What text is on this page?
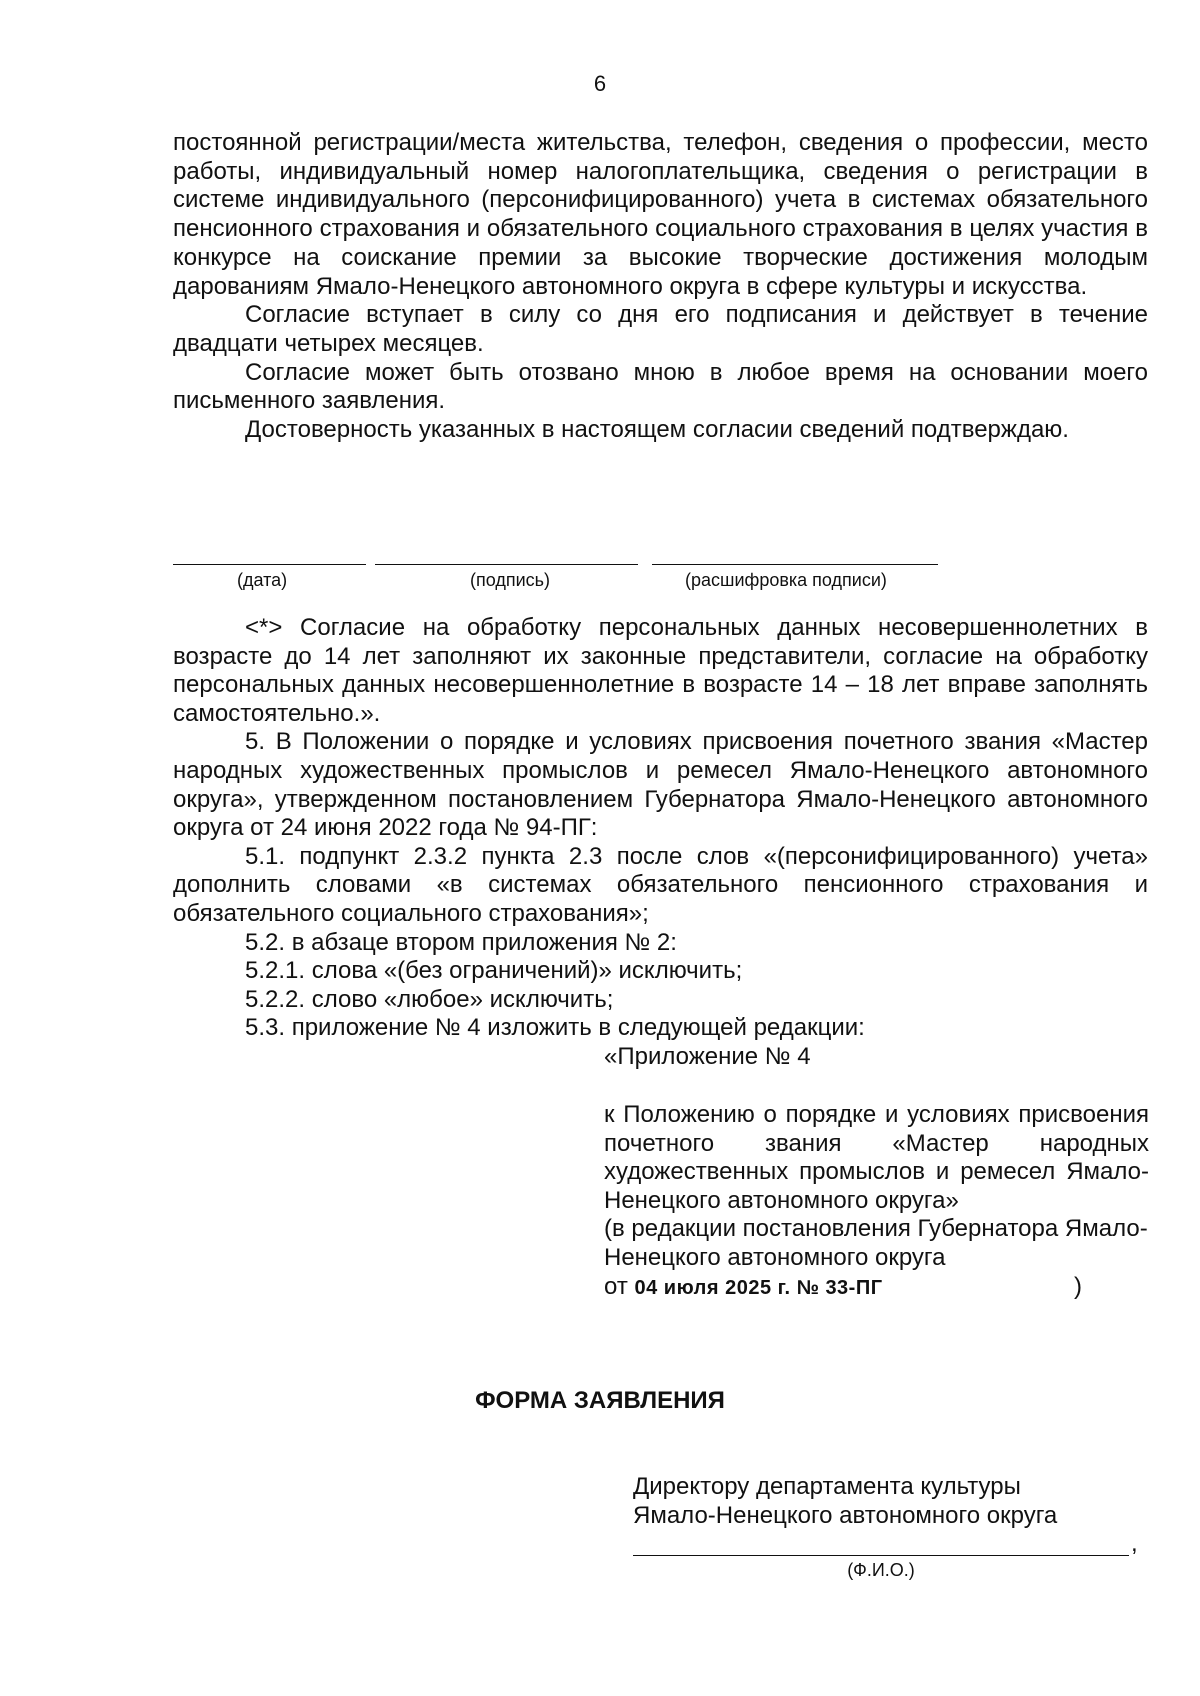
6

постоянной регистрации/места жительства, телефон, сведения о профессии, место работы, индивидуальный номер налогоплательщика, сведения о регистрации в системе индивидуального (персонифицированного) учета в системах обязательного пенсионного страхования и обязательного социального страхования в целях участия в конкурсе на соискание премии за высокие творческие достижения молодым дарованиям Ямало-Ненецкого автономного округа в сфере культуры и искусства.

Согласие вступает в силу со дня его подписания и действует в течение двадцати четырех месяцев.

Согласие может быть отозвано мною в любое время на основании моего письменного заявления.

Достоверность указанных в настоящем согласии сведений подтверждаю.

(дата)	(подпись)	(расшифровка подписи)

<*> Согласие на обработку персональных данных несовершеннолетних в возрасте до 14 лет заполняют их законные представители, согласие на обработку персональных данных несовершеннолетние в возрасте 14 – 18 лет вправе заполнять самостоятельно.».

5. В Положении о порядке и условиях присвоения почетного звания «Мастер народных художественных промыслов и ремесел Ямало-Ненецкого автономного округа», утвержденном постановлением Губернатора Ямало-Ненецкого автономного округа от 24 июня 2022 года № 94-ПГ:

5.1. подпункт 2.3.2 пункта 2.3 после слов «(персонифицированного) учета» дополнить словами «в системах обязательного пенсионного страхования и обязательного социального страхования»;

5.2. в абзаце втором приложения № 2:

5.2.1. слова «(без ограничений)» исключить;

5.2.2. слово «любое» исключить;

5.3. приложение № 4 изложить в следующей редакции:

«Приложение № 4

к Положению о порядке и условиях присвоения почетного звания «Мастер народных художественных промыслов и ремесел Ямало-Ненецкого автономного округа»

(в редакции постановления Губернатора Ямало-Ненецкого автономного округа

от 04 июля 2025 г. № 33-ПГ	)

ФОРМА ЗАЯВЛЕНИЯ

Директору департамента культуры

Ямало-Ненецкого автономного округа

,
(Ф.И.О.)
